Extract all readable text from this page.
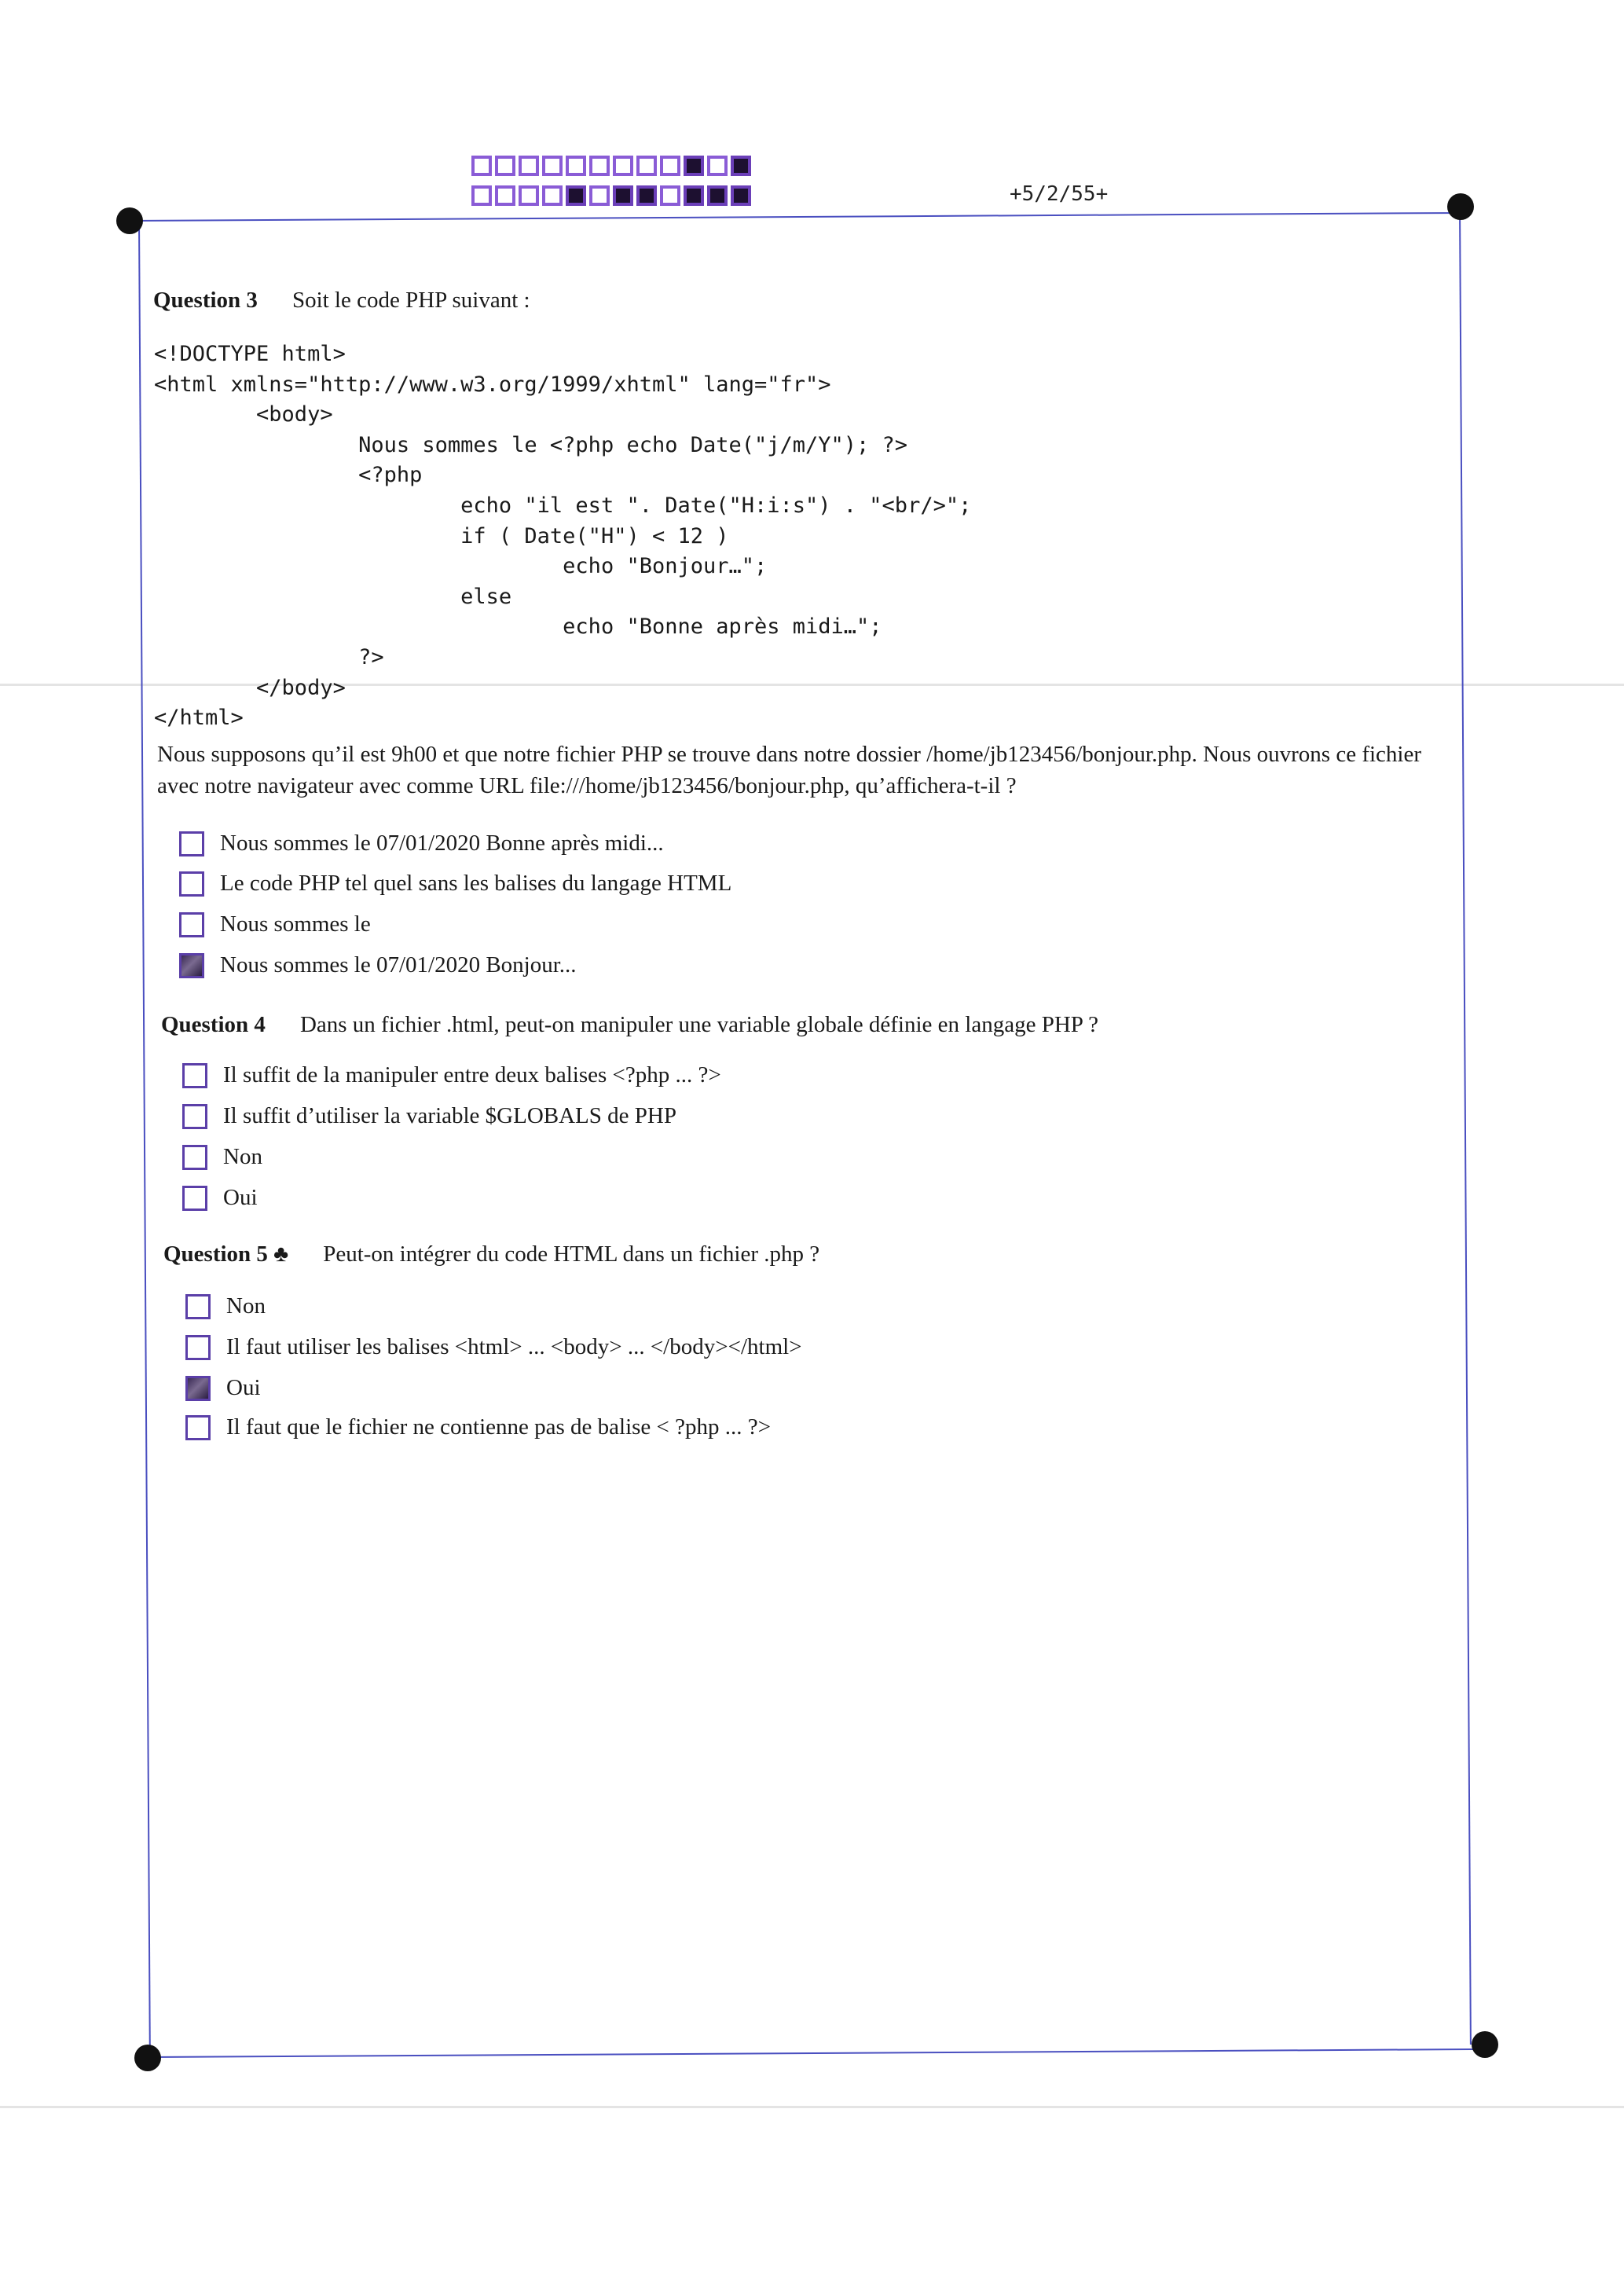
+5/2/55+
Question 3 Soit le code PHP suivant :
<!DOCTYPE html>
<html xmlns="http://www.w3.org/1999/xhtml" lang="fr">
<body>
Nous sommes le <?php echo Date("j/m/Y"); ?>
<?php
echo "il est ". Date("H:i:s") . "<br/>";
if ( Date("H") < 12 )
echo "Bonjour…";
else
echo "Bonne après midi…";
?>
</body>
</html>
Nous supposons qu’il est 9h00 et que notre fichier PHP se trouve dans notre dossier /home/jb123456/bonjour.php. Nous ouvrons ce fichier avec notre navigateur avec comme URL file:///home/jb123456/bonjour.php, qu’affichera-t-il ?
Nous sommes le 07/01/2020 Bonne après midi...
Le code PHP tel quel sans les balises du langage HTML
Nous sommes le
Nous sommes le 07/01/2020 Bonjour...
Question 4 Dans un fichier .html, peut-on manipuler une variable globale définie en langage PHP ?
Il suffit de la manipuler entre deux balises <?php ... ?>
Il suffit d’utiliser la variable $GLOBALS de PHP
Non
Oui
Question 5 ♣ Peut-on intégrer du code HTML dans un fichier .php ?
Non
Il faut utiliser les balises <html> ... <body> ... </body></html>
Oui
Il faut que le fichier ne contienne pas de balise < ?php ... ?>
